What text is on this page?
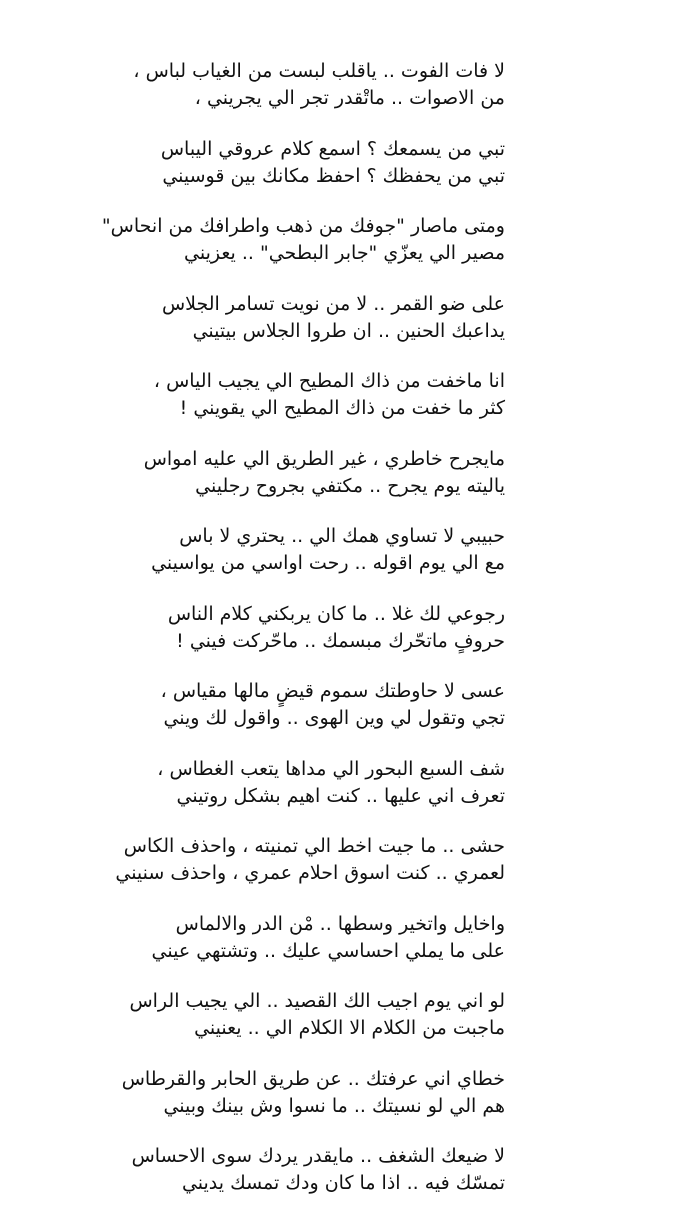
لا فات الفوت .. ياقلب لبست من الغياب لباس ،
من الاصوات .. ماتْقدر تجر الي يجريني ،
تبي من يسمعك ؟ اسمع كلام عروقي اليباس
تبي من يحفظك ؟ احفظ مكانك بين قوسيني
ومتى ماصار "جوفك من ذهب واطرافك من انحاس"
مصير الي يعزّي "جابر البطحي" .. يعزيني
على ضو القمر .. لا من نويت تسامر الجلاس
يداعبك الحنين .. ان طروا الجلاس بيتيني
انا ماخفت من ذاك المطيح الي يجيب الياس ،
كثر ما خفت من ذاك المطيح الي يقويني !
مايجرح خاطري ، غير الطريق الي عليه امواس
ياليته يوم يجرح .. مكتفي بجروح رجليني
حبيبي لا تساوي همك الي .. يحتري لا باس
مع الي يوم اقوله .. رحت اواسي من يواسيني
رجوعي لك غلا .. ما كان يربكني كلام الناس
حروفٍ ماتحّرك مبسمك .. ماحّركت فيني !
عسى لا حاوطتك سموم قيضٍ مالها مقياس ،
تجي وتقول لي وين الهوى .. واقول لك ويني
شف السبع البحور الي مداها يتعب الغطاس ،
تعرف اني عليها .. كنت اهيم بشكل روتيني
حشى .. ما جيت اخط الي تمنيته ، واحذف الكاس
لعمري .. كنت اسوق احلام عمري ، واحذف سنيني
واخايل واتخير وسطها .. مْن الدر والالماس
على ما يملي احساسي عليك .. وتشتهي عيني
لو اني يوم اجيب الك القصيد .. الي يجيب الراس
ماجبت من الكلام الا الكلام الي .. يعنيني
خطاي اني عرفتك .. عن طريق الحابر والقرطاس
هم الي لو نسيتك .. ما نسوا وش بينك وبيني
لا ضيعك الشغف .. مايقدر يردك سوى الاحساس
تمسّك فيه .. اذا ما كان ودك تمسك يديني
